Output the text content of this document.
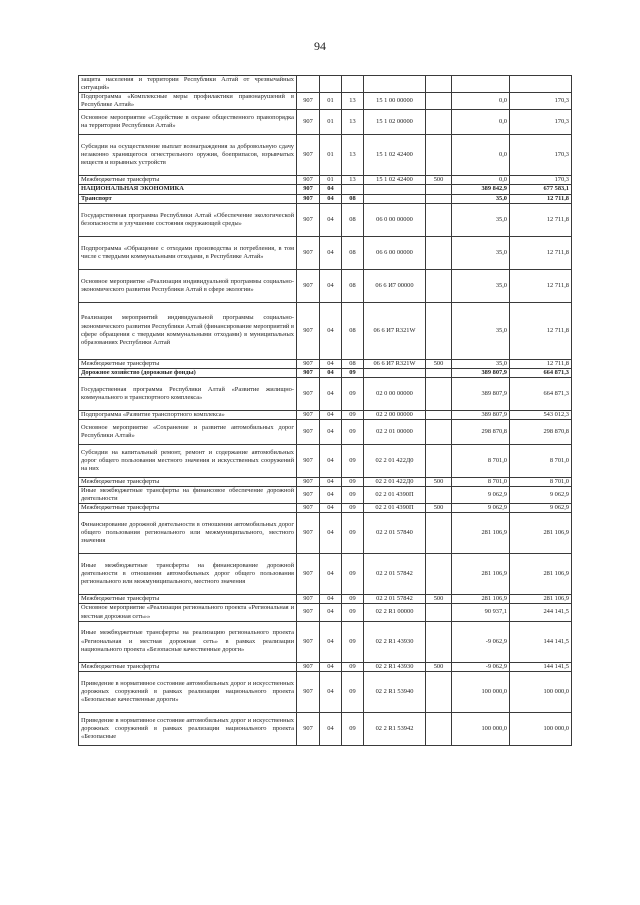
94
защита населения и территории Республики Алтай от чрезвычайных ситуаций»							
Подпрограмма «Комплексные меры профилактики правонарушений в Республике Алтай»	907	01	13	15 1 00 00000		0,0	170,3
Основное мероприятие «Содействие в охране общественного правопорядка на территории Республики Алтай»	907	01	13	15 1 02 00000		0,0	170,3
Субсидии на осуществление выплат вознаграждения за добровольную сдачу незаконно хранящегося огнестрельного оружия, боеприпасов, взрывчатых веществ и взрывных устройств	907	01	13	15 1 02 42400		0,0	170,3
Межбюджетные трансферты	907	01	13	15 1 02 42400	500	0,0	170,3
НАЦИОНАЛЬНАЯ ЭКОНОМИКА	907	04				389 842,9	677 583,1
Транспорт	907	04	08			35,0	12 711,8
Государственная программа Республики Алтай «Обеспечение экологической безопасности и улучшение состояния окружающей среды»	907	04	08	06 0 00 00000		35,0	12 711,8
Подпрограмма «Обращение с отходами производства и потребления, в том числе с твердыми коммунальными отходами, в Республике Алтай»	907	04	08	06 6 00 00000		35,0	12 711,8
Основное мероприятие «Реализация индивидуальной программы социально-экономического развития Республики Алтай в сфере экологии»	907	04	08	06 6 И7 00000		35,0	12 711,8
Реализация мероприятий индивидуальной программы социально-экономического развития Республики Алтай (финансирование мероприятий в сфере обращения с твердыми коммунальными отходами) в муниципальных образованиях Республики Алтай	907	04	08	06 6 И7 R321W		35,0	12 711,8
Межбюджетные трансферты	907	04	08	06 6 И7 R321W	500	35,0	12 711,8
Дорожное хозяйство (дорожные фонды)	907	04	09			389 807,9	664 871,3
Государственная программа Республики Алтай «Развитие жилищно-коммунального и транспортного комплекса»	907	04	09	02 0 00 00000		389 807,9	664 871,3
Подпрограмма «Развитие транспортного комплекса»	907	04	09	02 2 00 00000		389 807,9	543 012,3
Основное мероприятие «Сохранение и развитие автомобильных дорог Республики Алтай»	907	04	09	02 2 01 00000		298 870,8	298 870,8
Субсидии на капитальный ремонт, ремонт и содержание автомобильных дорог общего пользования местного значения и искусственных сооружений на них	907	04	09	02 2 01 422Д0		8 701,0	8 701,0
Межбюджетные трансферты	907	04	09	02 2 01 422Д0	500	8 701,0	8 701,0
Иные межбюджетные трансферты на финансовое обеспечение дорожной деятельности	907	04	09	02 2 01 4390П		9 062,9	9 062,9
Межбюджетные трансферты	907	04	09	02 2 01 4390П	500	9 062,9	9 062,9
Финансирование дорожной деятельности в отношении автомобильных дорог общего пользования регионального или межмуниципального, местного значения	907	04	09	02 2 01 57840		281 106,9	281 106,9
Иные межбюджетные трансферты на финансирование дорожной деятельности в отношении автомобильных дорог общего пользования регионального или межмуниципального, местного значения	907	04	09	02 2 01 57842		281 106,9	281 106,9
Межбюджетные трансферты	907	04	09	02 2 01 57842	500	281 106,9	281 106,9
Основное мероприятие «Реализация регионального проекта «Региональная и местная дорожная сеть»»	907	04	09	02 2 R1 00000		90 937,1	244 141,5
Иные межбюджетные трансферты на реализацию регионального проекта «Региональная и местная дорожная сеть» в рамках реализации национального проекта «Безопасные качественные дороги»	907	04	09	02 2 R1 43930		-9 062,9	144 141,5
Межбюджетные трансферты	907	04	09	02 2 R1 43930	500	-9 062,9	144 141,5
Приведение в нормативное состояние автомобильных дорог и искусственных дорожных сооружений в рамках реализации национального проекта «Безопасные качественные дороги»	907	04	09	02 2 R1 53940		100 000,0	100 000,0
Приведение в нормативное состояние автомобильных дорог и искусственных дорожных сооружений в рамках реализации национального проекта «Безопасные	907	04	09	02 2 R1 53942		100 000,0	100 000,0
